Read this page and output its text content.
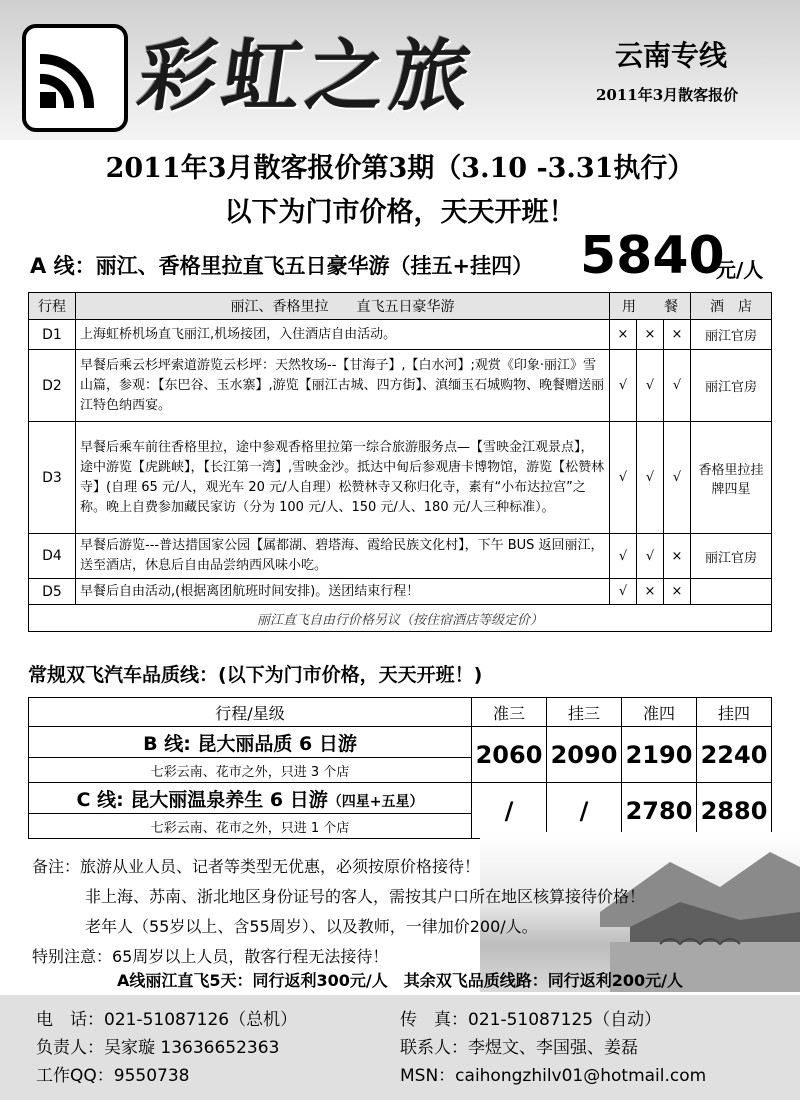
彩虹之旅	云南专线
2011年3月散客报价
2011年3月散客报价第3期（3.10 -3.31执行）
以下为门市价格，天天开班！
A 线：丽江、香格里拉直飞五日豪华游（挂五+挂四） 5840
元/人
行程	丽江、香格里拉　　直飞五日豪华游	用　　餐			酒　店
D1	上海虹桥机场直飞丽江,机场接团，入住酒店自由活动。	×	×	×	丽江官房
D2	早餐后乘云杉坪索道游览云杉坪：天然牧场--【甘海子】,【白水河】;观赏《印象·丽江》雪山篇，参观：【东巴谷、玉水寨】,游览【丽江古城、四方街】、滇缅玉石城购物、晚餐赠送丽江特色纳西宴。	√	√	√	丽江官房
D3	早餐后乘车前往香格里拉，途中参观香格里拉第一综合旅游服务点—【雪映金江观景点】，途中游览【虎跳峡】，【长江第一湾】,雪映金沙。抵达中甸后参观唐卡博物馆，游览【松赞林寺】(自理 65 元/人，观光车 20 元/人自理）松赞林寺又称归化寺，素有“小布达拉宫”之称。晚上自费参加藏民家访（分为 100 元/人、150 元/人、180 元/人三种标准）。	√	√	√	香格里拉挂牌四星
D4	早餐后游览---普达措国家公园【属都湖、碧塔海、霞给民族文化村】，下午 BUS 返回丽江，送至酒店，休息后自由品尝纳西风味小吃。	√	√	×	丽江官房
D5	早餐后自由活动,(根据离团航班时间安排)。送团结束行程！	√	×	×	
丽江直飞自由行价格另议（按住宿酒店等级定价）					
常规双飞汽车品质线：(以下为门市价格，天天开班！)
行程/星级	准三	挂三	准四	挂四
B 线: 昆大丽品质 6 日游	2060	2090	2190	2240
七彩云南、花市之外，只进 3 个店				
C 线: 昆大丽温泉养生 6 日游（四星+五星）	/	/	2780	2880
七彩云南、花市之外，只进 1 个店				
备注：旅游从业人员、记者等类型无优惠，必须按原价格接待！
非上海、苏南、浙北地区身份证号的客人，需按其户口所在地区核算接待价格！
老年人（55岁以上、含55周岁）、以及教师，一律加价200/人。
特别注意：65周岁以上人员，散客行程无法接待！
A线丽江直飞5天：同行返利300元/人　其余双飞品质线路：同行返利200元/人
电　话：021-51087126（总机）	传　真：021-51087125（自动）
负责人：吴家璇 13636652363	联系人：李煜文、李国强、姜磊
工作QQ：9550738	MSN：caihongzhilv01@hotmail.com
